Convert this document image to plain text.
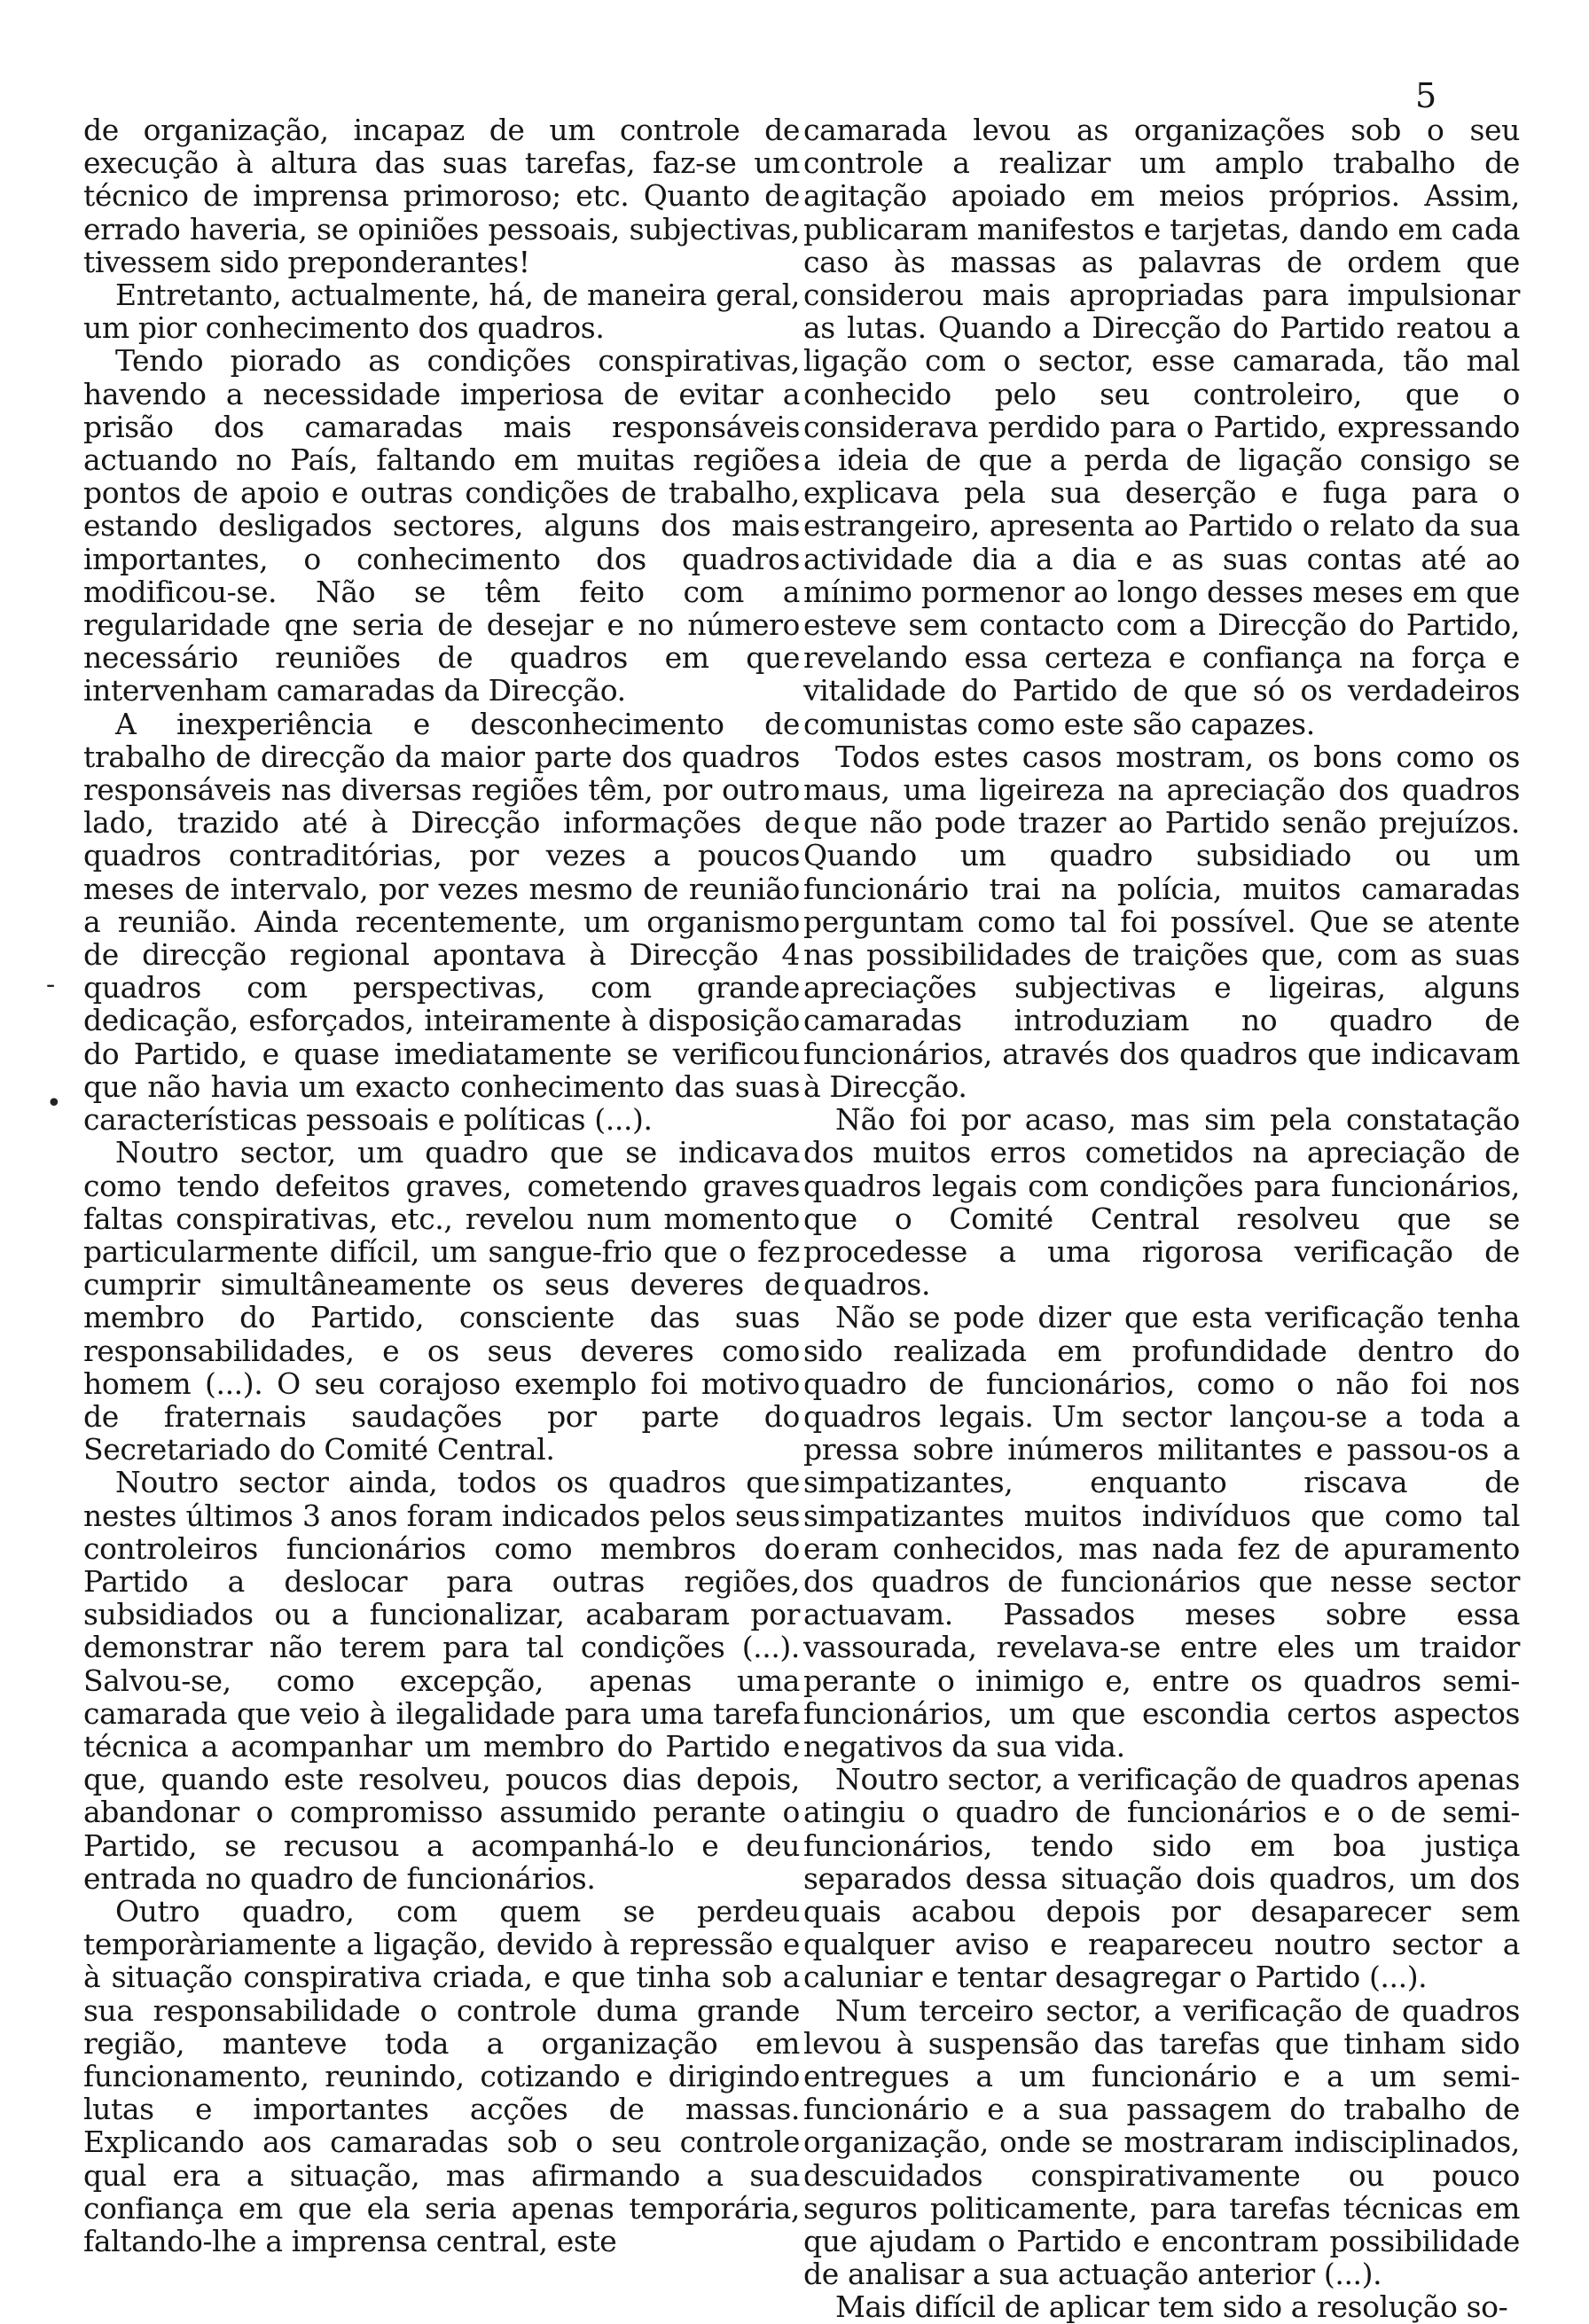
5
-
•

de organização, incapaz de um controle de execução à altura das suas tarefas, faz-se um técnico de imprensa primoroso; etc. Quanto de errado haveria, se opiniões pessoais, subjectivas, tivessem sido preponderantes!

Entretanto, actualmente, há, de maneira geral, um pior conhecimento dos quadros.

Tendo piorado as condições conspirativas, havendo a necessidade imperiosa de evitar a prisão dos camaradas mais responsáveis actuando no País, faltando em muitas regiões pontos de apoio e outras condições de trabalho, estando desligados sectores, alguns dos mais importantes, o conhecimento dos quadros modificou-se. Não se têm feito com a regularidade qne seria de desejar e no número necessário reuniões de quadros em que intervenham camaradas da Direcção.

A inexperiência e desconhecimento de trabalho de direcção da maior parte dos quadros responsáveis nas diversas regiões têm, por outro lado, trazido até à Direcção informações de quadros contraditórias, por vezes a poucos meses de intervalo, por vezes mesmo de reunião a reunião. Ainda recentemente, um organismo de direcção regional apontava à Direcção 4 quadros com perspectivas, com grande dedicação, esforçados, inteiramente à disposição do Partido, e quase imediatamente se verificou que não havia um exacto conhecimento das suas características pessoais e políticas (...).

Noutro sector, um quadro que se indicava como tendo defeitos graves, cometendo graves faltas conspirativas, etc., revelou num momento particularmente difícil, um sangue-frio que o fez cumprir simultâneamente os seus deveres de membro do Partido, consciente das suas responsabilidades, e os seus deveres como homem (...). O seu corajoso exemplo foi motivo de fraternais saudações por parte do Secretariado do Comité Central.

Noutro sector ainda, todos os quadros que nestes últimos 3 anos foram indicados pelos seus controleiros funcionários como membros do Partido a deslocar para outras regiões, subsidiados ou a funcionalizar, acabaram por demonstrar não terem para tal condições (...). Salvou-se, como excepção, apenas uma camarada que veio à ilegalidade para uma tarefa técnica a acompanhar um membro do Partido e que, quando este resolveu, poucos dias depois, abandonar o compromisso assumido perante o Partido, se recusou a acompanhá-lo e deu entrada no quadro de funcionários.

Outro quadro, com quem se perdeu temporàriamente a ligação, devido à repressão e à situação conspirativa criada, e que tinha sob a sua responsabilidade o controle duma grande região, manteve toda a organização em funcionamento, reunindo, cotizando e dirigindo lutas e importantes acções de massas. Explicando aos camaradas sob o seu controle qual era a situação, mas afirmando a sua confiança em que ela seria apenas temporária, faltando-lhe a imprensa central, este

camarada levou as organizações sob o seu controle a realizar um amplo trabalho de agitação apoiado em meios próprios. Assim, publicaram manifestos e tarjetas, dando em cada caso às massas as palavras de ordem que considerou mais apropriadas para impulsionar as lutas. Quando a Direcção do Partido reatou a ligação com o sector, esse camarada, tão mal conhecido pelo seu controleiro, que o considerava perdido para o Partido, expressando a ideia de que a perda de ligação consigo se explicava pela sua deserção e fuga para o estrangeiro, apresenta ao Partido o relato da sua actividade dia a dia e as suas contas até ao mínimo pormenor ao longo desses meses em que esteve sem contacto com a Direcção do Partido, revelando essa certeza e confiança na força e vitalidade do Partido de que só os verdadeiros comunistas como este são capazes.

Todos estes casos mostram, os bons como os maus, uma ligeireza na apreciação dos quadros que não pode trazer ao Partido senão prejuízos. Quando um quadro subsidiado ou um funcionário trai na polícia, muitos camaradas perguntam como tal foi possível. Que se atente nas possibilidades de traições que, com as suas apreciações subjectivas e ligeiras, alguns camaradas introduziam no quadro de funcionários, através dos quadros que indicavam à Direcção.

Não foi por acaso, mas sim pela constatação dos muitos erros cometidos na apreciação de quadros legais com condições para funcionários, que o Comité Central resolveu que se procedesse a uma rigorosa verificação de quadros.

Não se pode dizer que esta verificação tenha sido realizada em profundidade dentro do quadro de funcionários, como o não foi nos quadros legais. Um sector lançou-se a toda a pressa sobre inúmeros militantes e passou-os a simpatizantes, enquanto riscava de simpatizantes muitos indivíduos que como tal eram conhecidos, mas nada fez de apuramento dos quadros de funcionários que nesse sector actuavam. Passados meses sobre essa vassourada, revelava-se entre eles um traidor perante o inimigo e, entre os quadros semi-funcionários, um que escondia certos aspectos negativos da sua vida.

Noutro sector, a verificação de quadros apenas atingiu o quadro de funcionários e o de semi-funcionários, tendo sido em boa justiça separados dessa situação dois quadros, um dos quais acabou depois por desaparecer sem qualquer aviso e reapareceu noutro sector a caluniar e tentar desagregar o Partido (...).

Num terceiro sector, a verificação de quadros levou à suspensão das tarefas que tinham sido entregues a um funcionário e a um semi-funcionário e a sua passagem do trabalho de organização, onde se mostraram indisciplinados, descuidados conspirativamente ou pouco seguros politicamente, para tarefas técnicas em que ajudam o Partido e encontram possibilidade de analisar a sua actuação anterior (...).

Mais difícil de aplicar tem sido a resolução so-
